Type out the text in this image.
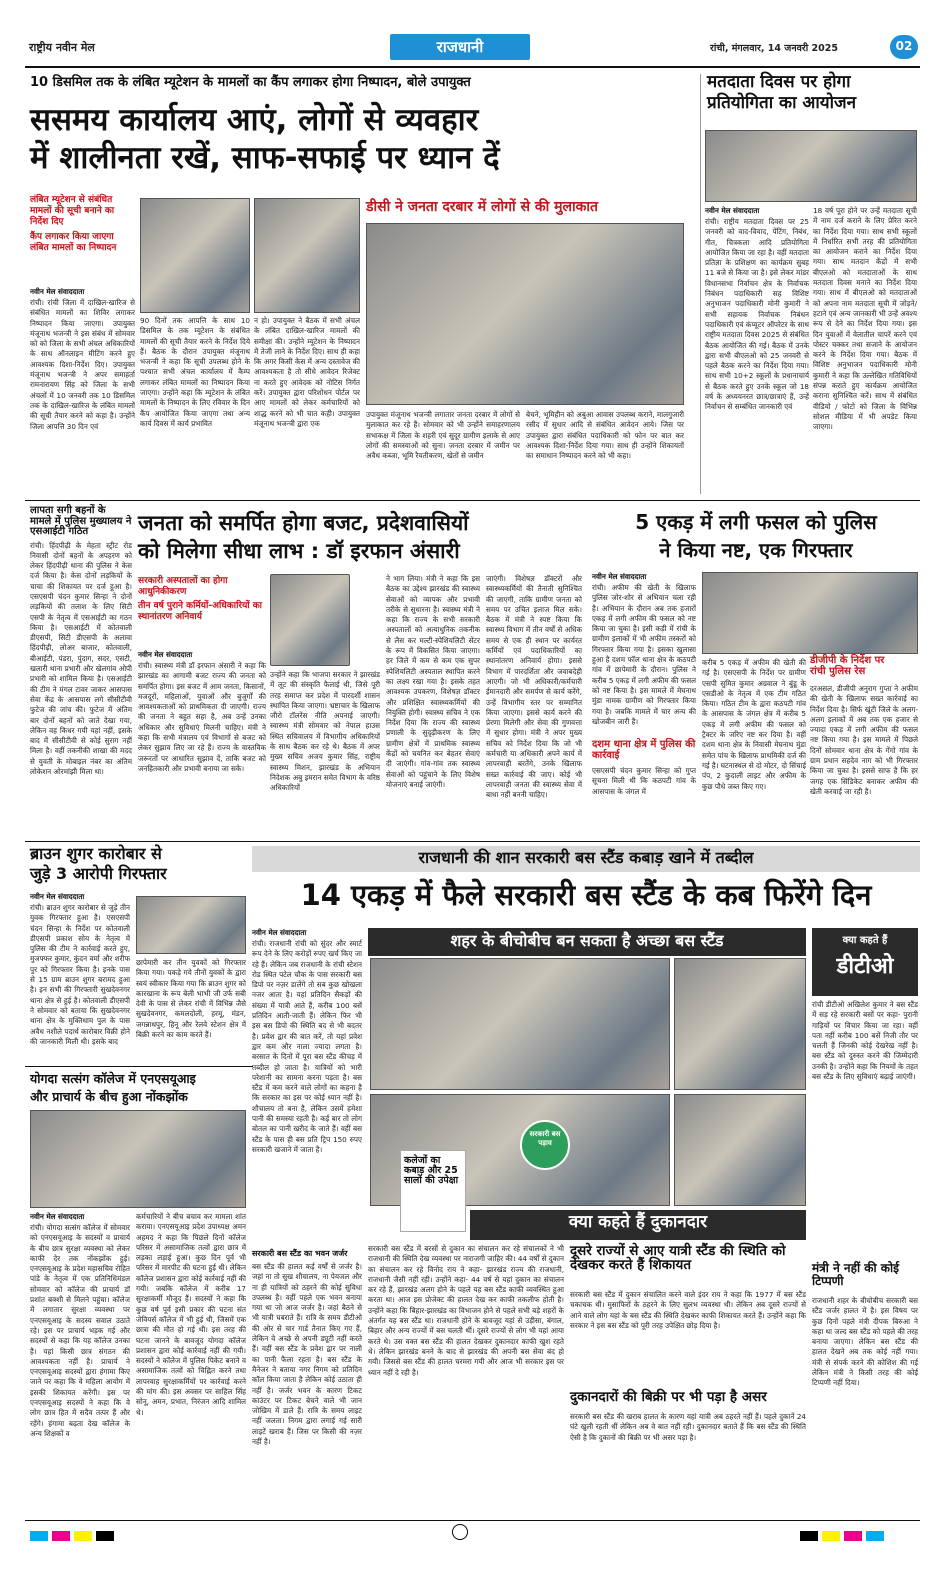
राष्ट्रीय नवीन मेल	राजधानी	रांची, मंगलवार, 14 जनवरी 2025	02
10 डिसमिल तक के लंबित म्यूटेशन के मामलों का कैंप लगाकर होगा निष्पादन, बोले उपायुक्त
ससमय कार्यालय आएं, लोगों से व्यवहार
में शालीनता रखें, साफ-सफाई पर ध्यान दें
लंबित म्यूटेशन से संबंधित मामलों की सूची बनाने का निर्देश दिए
कैंप लगाकर किया जाएगा लंबित मामलों का निष्पादन
डीसी ने जनता दरबार में लोगों से की मुलाकात
नवीन मेल संवाददाता
रांची। रांची जिला में दाखिल-खारिज से संबंधित मामलों का शिविर लगाकर निष्पादन किया जाएगा। उपायुक्त मंजूनाथ भजन्त्री ने इस संबंध में सोमवार को को जिला के सभी अंचल अधिकारियों के साथ ऑनलाइन मीटिंग करने हुए आवश्यक दिशा-निर्देश दिए। उपायुक्त मंजूनाथ भजन्त्री ने अपर समाहर्ता रामनारायण सिंह को जिला के सभी अंचलों में 10 जनवरी तक 10 डिसमिल तक के दाखिल-खारिज के लंबित मामलों की सूची तैयार करने को कहा है। उन्होंने जिला आपत्ति 30 दिन एवं
90 दिनों तक आपत्ति के साथ 10 डिसमिल के तक म्यूटेशन के संबंधित मामलों की सूची तैयार करने के निर्देश दिये हैं। बैठक के दौरान उपायुक्त मंजूनाथ भजन्त्री ने कहा कि सूची उपलब्ध होने के पश्चात सभी अंचल कार्यालय में कैम्प लगाकर लंबित मामलों का निष्पादन किया जाएगा। उन्होंने कहा कि म्यूटेशन के लंबित मामलों के निष्पादन के लिए रविवार के दिन कैंप आयोजित किया जाएगा तथा अन्य कार्य दिवस में कार्य प्रभावित
न हो। उपायुक्त ने बैठक में सभी अंचल के लंबित दाखिल-खारिज मामलों की समीक्षा की। उन्होंने म्यूटेशन के निष्पादन में तेजी लाने के निर्देश दिए। साथ ही कहा कि अगर किसी केस में अन्य दस्तावेज की आवश्यकता है तो सीधे आवेदन रिजेक्ट ना करते हुए आवेदक को नोटिस निर्गत करें। उपायुक्त द्वारा परिशोधन पोर्टल पर आए मामलों को लेकर कर्मचारियों को शाद्ध करने को भी चात कही। उपायुक्त मंजूनाथ भजन्त्री द्वारा एक
उपायुक्त मंजूनाथ भजन्त्री लगातार जनता दरबार में लोगों से मुलाकात कर रहे हैं। सोमवार को भी उन्होंने समाहरणालय सभाकक्ष में जिला के शहरी एवं सुदूर ग्रामीण इलाके से आए लोगों की समस्याओं को सुना। जनता दरबार में जमीन पर अवैध कब्जा, भूमि रैयतीकरण, खेतों से जमीन
बेचने, भूमिहीन को अबुआ आवास उपलब्ध कराने, मालगुजारी रसीद में सुधार आदि से संबंधित आवेदन आये। जिस पर उपायुक्त द्वारा संबंधित पदाधिकारी को फोन पर बात कर आवश्यक दिशा-निर्देश दिया गया। साथ ही उन्होंने शिकायतों का समाधान निष्पादन करने को भी कहा।
मतदाता दिवस पर होगा
प्रतियोगिता का आयोजन
नवीन मेल संवाददाता
रांची। राष्ट्रीय मतदाता दिवस पर 25 जनवरी को वाद-विवाद, पेंटिंग, निबंध, गीत, चित्रकला आदि प्रतियोगिता आयोजित किया जा रहा है। वहीं मतदाता प्रतिज्ञा के प्रशिक्षण का कार्यक्रम सुबह 11 बजे से किया जा है। इसे लेकर मांडर विधानसभा निर्वाचन क्षेत्र के निर्वाचक निबंधन पदाधिकारी सह विशिष्ट अनुभाजन पदाधिकारी मोनी कुमारी ने सभी सहायक निर्वाचक निबंधन पदाधिकारी एवं कंप्यूटर ऑपरेटर के साथ राष्ट्रीय मतदाता दिवस 2025 से संबंधित बैठक आयोजित की गई। बैठक में उनके द्वारा सभी बीएलओ को 25 जनवरी से पहले बैठक करने का निर्देश दिया गया। साथ सभी 10+2 स्कूलों के प्रधानाचार्य से बैठक करते हुए उनके स्कूल जो 18 वर्ष के अध्ययनरत छात्र/छात्राएं हैं, उन्हें निर्वाचन से सम्बंधित जानकारी एवं
18 वर्ष पूरा होने पर उन्हें मतदाता सूची में नाम दर्ज कराने के लिए प्रेरित करने का निर्देश दिया गया। साथ सभी स्कूलों में निर्धारित सभी तरह की प्रतियोगिता का आयोजन कराने का निर्देश दिया गया। साथ मतदान केंद्रों में सभी बीएलओ को मतदाताओं के साथ मतदाता दिवस मनाने का निर्देश दिया गया। साथ में बीएलओ को मतदाताओं को अपना नाम मतदाता सूची में जोड़ने/हटाने एवं अन्य जानकारी भी उन्हें अवश्य रूप से देने का निर्देश दिया गया। इस दिन युवाओं में वेलातील चापरें करने एवं पोस्टर चक्कर तथा सजाने के आयोजन करने के निर्देश दिया गया। बैठक में विशिष्ट अनुभाजन पदाधिकारी मोनी कुमारी ने कहा कि उल्लेखित गतिविधियों संपन्न कराते हुए कार्यक्रम आयोजित कराना सुनिश्चित करें। साथ में संबंधित वीडियो / फोटो को जिला के विभिन्न सोशल मीडिया में भी अपडेट किया जाएगा।
लापता सगी बहनों के
मामले में पुलिस मुख्यालय ने एसआईटी गठित
रांची। हिंदपीढ़ी के मेहता स्ट्रीट रोड निवासी दोनों बहनों के अपहरण को लेकर हिंदपीढ़ी थाना की पुलिस ने केस दर्ज किया है। केस दोनों लड़कियों के चाचा की शिकायत पर दर्ज हुआ है। एसएसपी चंदन कुमार सिन्हा ने दोनों लड़कियों की तलाश के लिए सिटी एसपी के नेतृत्व में एसआईटी का गठन किया है। एसआईटी में कोतवाली डीएसपी, सिटी डीएसपी के अलावा हिंदपीढ़ी, लोअर बाजार, कोतवाली, बीआईटी, पंडरा, पुंदाग, सदर, एसटी, खलारी थाना प्रभारी और खेलगांव ओपी प्रभारी को शामिल किया है। एसआईटी की टीम ने मंगल टावर जाकर आसपास सेवा केंद्र के आसपास लगे सीसीटीवी फुटेज की जांच की। फुटेज में अंतिम बार दोनों बहनों को जाते देखा गया, लेकिन वह किधर गयी यहां नहीं, इसके बाद में सीसीटीवी से कोई सुराग नहीं मिला है। वहीं तकनीकी शाखा की मदद से युवती के मोबाइल नंबर का अंतिम लोकेशन ओरमांझी मिला था।
जनता को समर्पित होगा बजट, प्रदेशवासियों
को मिलेगा सीधा लाभ : डॉ इरफान अंसारी
सरकारी अस्पतालों का होगा आधुनिकीकरण
तीन वर्ष पुराने कर्मियों-अधिकारियों का स्थानांतरण अनिवार्य
नवीन मेल संवाददाता
रांची। स्वास्थ्य मंत्री डॉ इरफान अंसारी ने कहा कि झारखंड का आगामी बजट राज्य की जनता को समर्पित होगा। इस बजट में आम जनता, किसानों, मजदूरों, महिलाओं, युवाओं और बुजुर्गों की आवश्यकताओं को प्राथमिकता दी जाएगी। राज्य की जनता ने बहुत सहा है, अब उन्हें उनका अधिकार और सुविधाएं मिलनी चाहिए। मंत्री ने कहा कि सभी मंत्रालय एवं विभागों से बजट को लेकर सुझाव लिए जा रहे हैं। राज्य के वास्तविक जरूरतों पर आधारित सुझाव दें, ताकि बजट को जनहितकारी और प्रभावी बनाया जा सके।
उन्होंने कहा कि भाजपा सरकार ने झारखंड में लूट की संस्कृति फैलाई थी, जिसे पूरी तरह समाप्त कर प्रदेश में पारदर्शी शासन स्थापित किया जाएगा। भ्रष्टाचार के खिलाफ जीरो टॉलरेंस नीति अपनाई जाएगी। स्वास्थ्य मंत्री सोमवार को नेपाल हाउस स्थित सचिवालय में विभागीय अधिकारियों के साथ बैठक कर रहे थे। बैठक में अपर मुख्य सचिव अजय कुमार सिंह, राष्ट्रीय स्वास्थ्य मिशन, झारखंड के अभियान निदेशक अबु इमरान समेत विभाग के वरिष्ठ अधिकारियों
ने भाग लिया। मंत्री ने कहा कि इस बैठक का उद्देश्य झारखंड की स्वास्थ्य सेवाओं को व्यापक और प्रभावी तरीके से सुधारना है। स्वास्थ्य मंत्री ने कहा कि राज्य के सभी सरकारी अस्पतालों को अत्याधुनिक तकनीक से लैस कर मल्टी-स्पेशियलिटी सेंटर के रूप में विकसित किया जाएगा। हर जिले में कम से कम एक सुपर स्पेशियलिटी अस्पताल स्थापित करने का लक्ष्य रखा गया है। इसके तहत आवश्यक उपकरण, विशेषज्ञ डॉक्टर और प्रशिक्षित स्वास्थ्यकर्मियों की नियुक्ति होगी। स्वास्थ्य सचिव ने एक निर्देश दिया कि राज्य की स्वास्थ्य प्रणाली के सुदृढ़ीकरण के लिए ग्रामीण क्षेत्रों में प्राथमिक स्वास्थ्य केंद्रों को चयनित कर बेहतर सेवाएं दी जाएंगी। गांव-गांव तक स्वास्थ्य सेवाओं को पहुंचाने के लिए विशेष योजनाएं बनाई जाएंगी।
जाएंगी। विशेषज्ञ डॉक्टरों और स्वास्थ्यकर्मियों की तैनाती सुनिश्चित की जाएगी, ताकि ग्रामीण जनता को समय पर उचित इलाज मिल सके। बैठक में मंत्री ने स्पष्ट किया कि स्वास्थ्य विभाग में तीन वर्षों से अधिक समय से एक ही स्थान पर कार्यरत कर्मियों एवं पदाधिकारियों का स्थानांतरण अनिवार्य होगा। इससे विभाग में पारदर्शिता और जवाबदेही आएगी। जो भी अधिकारी/कर्मचारी ईमानदारी और समर्पण से कार्य करेंगे, उन्हें विभागीय स्तर पर सम्मानित किया जाएगा। इससे कार्य करने की प्रेरणा मिलेगी और सेवा की गुणवत्ता में सुधार होगा। मंत्री ने अपर मुख्य सचिव को निर्देश दिया कि जो भी कर्मचारी या अधिकारी अपने कार्य में लापरवाही बरतेंगे, उनके खिलाफ सख्त कार्रवाई की जाए। कोई भी लापरवाही जनता की स्वास्थ्य सेवा में बाधा नहीं बननी चाहिए।
5 एकड़ में लगी फसल को पुलिस
ने किया नष्ट, एक गिरफ्तार
नवीन मेल संवाददाता
रांची। अफीम की खेती के खिलाफ पुलिस जोर-शोर से अभियान चला रही है। अभियान के दौरान अब तक हजारों एकड़ में लगी अफीम की फसल को नष्ट किया जा चुका है। इसी कड़ी में रांची के ग्रामीण इलाकों में भी अफीम तस्करों को गिरफ्तार किया गया है। इसका खुलासा हुआ है दशम फॉल थाना क्षेत्र के कठपटी गांव में छापेमारी के दौरान। पुलिस ने करीब 5 एकड़ में लगी अफीम की फसल को नष्ट किया है। इस मामले में मेघनाथ मुंडा नामक ग्रामीण को गिरफ्तार किया गया है। जबकि मामले में चार अन्य की खोजबीन जारी है।
दशम थाना क्षेत्र में पुलिस की कार्रवाई
एसएसपी चंदन कुमार सिन्हा को गुप्त सूचना मिली थी कि कठपटी गांव के आसपास के जंगल में
डीजीपी के निर्देश पर
रांची पुलिस रेस
करीब 5 एकड़ में अफीम की खेती की गई है। एसएसपी के निर्देश पर ग्रामीण एसपी सुमित कुमार अग्रवाल ने बुंडू के एसडीओ के नेतृत्व में एक टीम गठित किया। गठित टीम के द्वारा कठपटी गांव के आसपास के जंगल क्षेत्र में करीब 5 एकड़ में लगी अफीम की फसल को ट्रैक्टर के जरिए नष्ट कर दिया है। वहीं दशम थाना क्षेत्र के निवासी मेघनाथ मुंडा समेत पांच के खिलाफ प्राथमिकी दर्ज की गई है। घटनास्थल से दो मोटर, दो सिंचाई पंप, 2 कुदाली लाइट और अफीम के कुछ पौधे जब्त किए गए।
दरअसल, डीजीपी अनुराग गुप्ता ने अफीम की खेती के खिलाफ सख्त कार्रवाई का निर्देश दिया है। सिर्फ खूंटी जिले के अलग-अलग इलाकों में अब तक एक हजार से ज्यादा एकड़ में लगी अफीम की फसल नष्ट किया गया है। इस मामले में पिछले दिनों सोमवार थाना क्षेत्र के गेंगो गांव के ग्राम प्रधान सहदेव नाग को भी गिरफ्तार किया जा चुका है। इससे साफ है कि हर जगह एक सिंडिकेट बनाकर अफीम की खेती करवाई जा रही है।
ब्राउन शुगर कारोबार से
जुड़े 3 आरोपी गिरफ्तार
नवीन मेल संवाददाता
रांची। ब्राउन शुगर कारोबार से जुड़े तीन युवक गिरफ्तार हुआ है। एसएसपी चंदन सिन्हा के निर्देश पर कोतवाली डीएसपी प्रकाश सोय के नेतृत्व में पुलिस की टीम ने कार्रवाई करते हुए, मुजफ्फर कुमार, कुंदन वर्मा और शरीफ पुर को गिरफ्तार किया है। इनके पास से 15 ग्राम ब्राउन शुगर बरामद हुआ है। इन सभी की गिरफ्तारी सुखदेवनगर थाना क्षेत्र से हुई है। कोतवाली डीएसपी ने सोमवार को बताया कि सुखदेवनगर थाना क्षेत्र के मुक्तिधाम पुल के पास अवैध नशीले पदार्थ कारोबार विक्री होने की जानकारी मिली थी। इसके बाद
छापेमारी कर तीन युवकों को गिरफ्तार किया गया। पकड़े गये तीनों युवकों के द्वारा स्वयं स्वीकार किया गया कि ब्राउन शुगर को कारखाना के रूप बेली भाभी जी उर्फ सबी देवी के पास से लेकर रांची में विभिन्न जैसे सुखदेवनगर, कमलदोली, हरमू, मंडन, जगन्नाथपुर, हिनू और रेलवे स्टेशन क्षेत्र में बिक्री करने का काम करते हैं।
योगदा सत्संग कॉलेज में एनएसयूआइ
और प्राचार्य के बीच हुआ नोंकझोंक
नवीन मेल संवाददाता
रांची। योगदा सत्संग कॉलेज में सोमवार को एनएसयूआइ के सदस्यों व प्राचार्य के बीच छात्र सुरक्षा व्यवस्था को लेकर काफी देर तक नोंकझोंक हुई। एनएसयूआइ के प्रदेश महासचिव रोहित पांडे के नेतृत्व में एक प्रतिनिधिमंडल सोमवार को कॉलेज की प्राचार्य डॉ प्रशांत बक्शी से मिलने पहुंचा। कॉलेज में लगातार सुरक्षा व्यवस्था पर एनएसयूआइ के सदस्य सवाल उठाते रहे। इस पर प्राचार्य भड़क गई और सदस्यों से कहा कि यह कॉलेज उनका है। यहां किसी छात्र संगठन की आवश्यकता नहीं है। प्राचार्य ने एनएसयूआइ सदस्यों द्वारा हंगामा किए जाने पर कहा कि वे महिला आयोग में इसकी शिकायत करेंगी। इस पर एनएसयूआइ सदस्यों ने कहा कि वे लोग छात्र हित में सदैव तत्पर हैं और रहेंगे। हंगामा बढ़ता देख कॉलेज के अन्य शिक्षकों व
कर्मचारियों ने बीच बचाव कर मामला शांत कराया। एनएसयूआइ प्रदेश उपाध्यक्ष अमन अहमद ने कहा कि पिछले दिनों कॉलेज परिसर में असामाजिक तत्वों द्वारा छात्र में लड़का लड़ाई हुआ। कुछ दिन पूर्व भी परिसर में मारपीट की घटना हुई थी। लेकिन कॉलेज प्रशासन द्वारा कोई कार्रवाई नहीं की गयी। जबकि कॉलेज में करीब 17 सुरक्षाकर्मी मौजूद हैं। सदस्यों ने कहा कि कुछ वर्ष पूर्व इसी प्रकार की घटना संत जेवियर्स कॉलेज में भी हुई थी, जिसमें एक छात्रा की मौत हो गई थी। इस तरह की घटना जानने के बावजूद योगदा कॉलेज प्रशासन द्वारा कोई कार्रवाई नहीं की गयी। सदस्यों ने कॉलेज में पुलिस पिकेट बनाने व असामाजिक तत्वों को चिह्नित करने तथा लापरवाह सुरक्षाकर्मियों पर कार्रवाई करने की मांग की। इस अवसर पर साहिल सिंह सोनू, अमन, प्रभात, निरंजन आदि शामिल थे।
राजधानी की शान सरकारी बस स्टैंड कबाड़ खाने में तब्दील
14 एकड़ में फैले सरकारी बस स्टैंड के कब फिरेंगे दिन
नवीन मेल संवाददाता
रांची। राजधानी रांची को सुंदर और स्मार्ट रूप देने के लिए करोड़ों रुपए खर्च किए जा रहे हैं। लेकिन जब राजधानी के रांची स्टेशन रोड स्थित पटेल चौक के पास सरकारी बस डिपो पर नज़र डालेंगे तो सब कुछ खोखला नजर आता है। यहां प्रतिदिन सैकड़ों की संख्या में यात्री आते हैं, करीब 100 बसें प्रतिदिन आती-जाती हैं। लेकिन फिर भी इस बस डिपो की स्थिति बद से भी बदतर है। प्रवेश द्वार की बात करें, तो यहां प्रवेश द्वार कम और नाला ज्यादा लगता है। बरसात के दिनों में पूरा बस स्टैंड कीचड़ में तब्दील हो जाता है। यात्रियों को भारी परेशानी का सामना करना पड़ता है। बस स्टैंड में कम करने वाले लोगों का कहना है कि सरकार का इस पर कोई ध्यान नहीं है। शौचालय तो बना है, लेकिन उसमें हमेशा पानी की समस्या रहती है। कई बार तो लोग बोतल का पानी खरीद के जाते हैं। वहीं बस स्टैंड के पास ही बस प्रति ट्रिप 150 रुपए सरकारी खजाने में जाता है।
सरकारी बस स्टैंड का भवन जर्जर
बस स्टैंड की हालत कई वर्षों से जर्जर है। जहां ना तो सुख शौचालय, ना पेयजल और ना ही यात्रियों को ठहरने की कोई सुविधा उपलब्ध है। वहीं पहले एक भवन बनाया गया था जो आज जर्जर है। जहां बैठने से भी यात्री घबराते हैं। रात्रि के समय डीटीओ की ओर से चार गार्ड तैनात किए गए हैं, लेकिन वे अच्छे से अपनी ड्यूटी नहीं करते हैं। वहीं बस स्टैंड के प्रवेश द्वार पर नाली का पानी फैला रहता है। बस स्टैंड के मैनेजर ने बताया नगर निगम को प्रतिदिन कॉल किया जाता है लेकिन कोई उठाता ही नहीं है। जर्जर भवन के कारण टिकट काउंटर पर टिकट बेचने वाले भी जान जोखिम में डाले हैं। रात्रि के समय लाइट नहीं जलता। निगम द्वारा लगाई गई सारी लाइटें खराब हैं। जिस पर किसी की नज़र नहीं है।
शहर के बीचोबीच बन सकता है अच्छा बस स्टैंड
सरकारी बस पड़ाव
कलेजों का कबाड़ और 25 सालों की उपेक्षा
क्या कहते हैं दुकानदार
सरकारी बस स्टैंड में बरसों से दुकान का संचालन कर रहे संचालकों ने भी राजधानी की स्थिति देख व्यवस्था पर नाराजगी जाहिर की। 44 वर्षों से दुकान का संचालन कर रहे विनोद राय ने कहा- झारखंड राज्य की राजधानी, राजधानी जैसी नहीं रही। उन्होंने कहा- 44 वर्ष से यहां दुकान का संचालन कर रहे हैं, झारखंड अलग होने के पहले यह बस स्टैंड काफी व्यवस्थित हुआ करता था। आज इस प्रोजेक्ट की हालत देख कर काफी तकलीफ होती है। उन्होंने कहा कि बिहार-झारखंड का विभाजन होने से पहले सभी बड़े शहरों के अंतर्गत यह बस स्टैंड था। राजधानी होने के बावजूद यहां से उड़ीसा, बंगाल, बिहार और अन्य राज्यों में बस चलती थीं। दूसरे राज्यों से लोग भी यहां आया करते थे। उस वक्त बस स्टैंड की हालत देखकर दुकानदार काफी खुश रहते थे। लेकिन झारखंड बनने के बाद से झारखंड की अपनी बस सेवा बंद हो गयी। जिससे बस स्टैंड की हालत चरमरा गयी और आज भी सरकार इस पर ध्यान नहीं दे रही है।
दूसरे राज्यों से आए यात्री स्टैंड की स्थिति को देखकर करते हैं शिकायत
सरकारी बस स्टैंड में दुकान संचालित करने वाले इंदर राय ने कहा कि 1977 में बस स्टैंड चकाचक थी। मुसाफिरों के ठहरने के लिए सुलभ व्यवस्था थी। लेकिन अब दूसरे राज्यों से आने वाले लोग यहां के बस स्टैंड की स्थिति देखकर काफी शिकायत करते हैं। उन्होंने कहा कि सरकार ने इस बस स्टैंड को पूरी तरह उपेक्षित छोड़ दिया है।
दुकानदारों की बिक्री पर भी पड़ा है असर
सरकारी बस स्टैंड की खराब हालत के कारण यहां यात्री अब ठहरते नहीं हैं। पहले दुकानें 24 घंटे खुली रहती थीं लेकिन अब वे बात नहीं रही। दुकानदार बताते हैं कि बस स्टैंड की स्थिति ऐसी है कि दुकानों की बिक्री पर भी असर पड़ा है।
क्या कहते हैं
डीटीओ
रांची डीटीओ अखिलेश कुमार ने बस स्टैंड में सड़ रहे सरकारी बसों पर कहा- पुरानी गाड़ियों पर विचार किया जा रहा। वहीं पता नहीं करीब 100 बसें निजी तौर पर चलती हैं जिनकी कोई देखरेख नहीं है। बस स्टैंड को दुरुस्त करने की जिम्मेदारी उनकी है। उन्होंने कहा कि नियमों के तहत बस स्टैंड के लिए सुविधाएं बढ़ाई जाएंगी।
मंत्री ने नहीं की कोई टिप्पणी
राजधानी शहर के बीचोबीच सरकारी बस स्टैंड जर्जर हालत में है। इस विषय पर कुछ दिनों पहले मंत्री दीपक बिरुआ ने कहा था जल्द बस स्टैंड को पहले की तरह बनाया जाएगा। लेकिन बस स्टैंड की हालत देखने अब तक कोई नहीं गया। मंत्री से संपर्क करने की कोशिश की गई लेकिन मंत्री ने किसी तरह की कोई टिप्पणी नहीं दिया।
